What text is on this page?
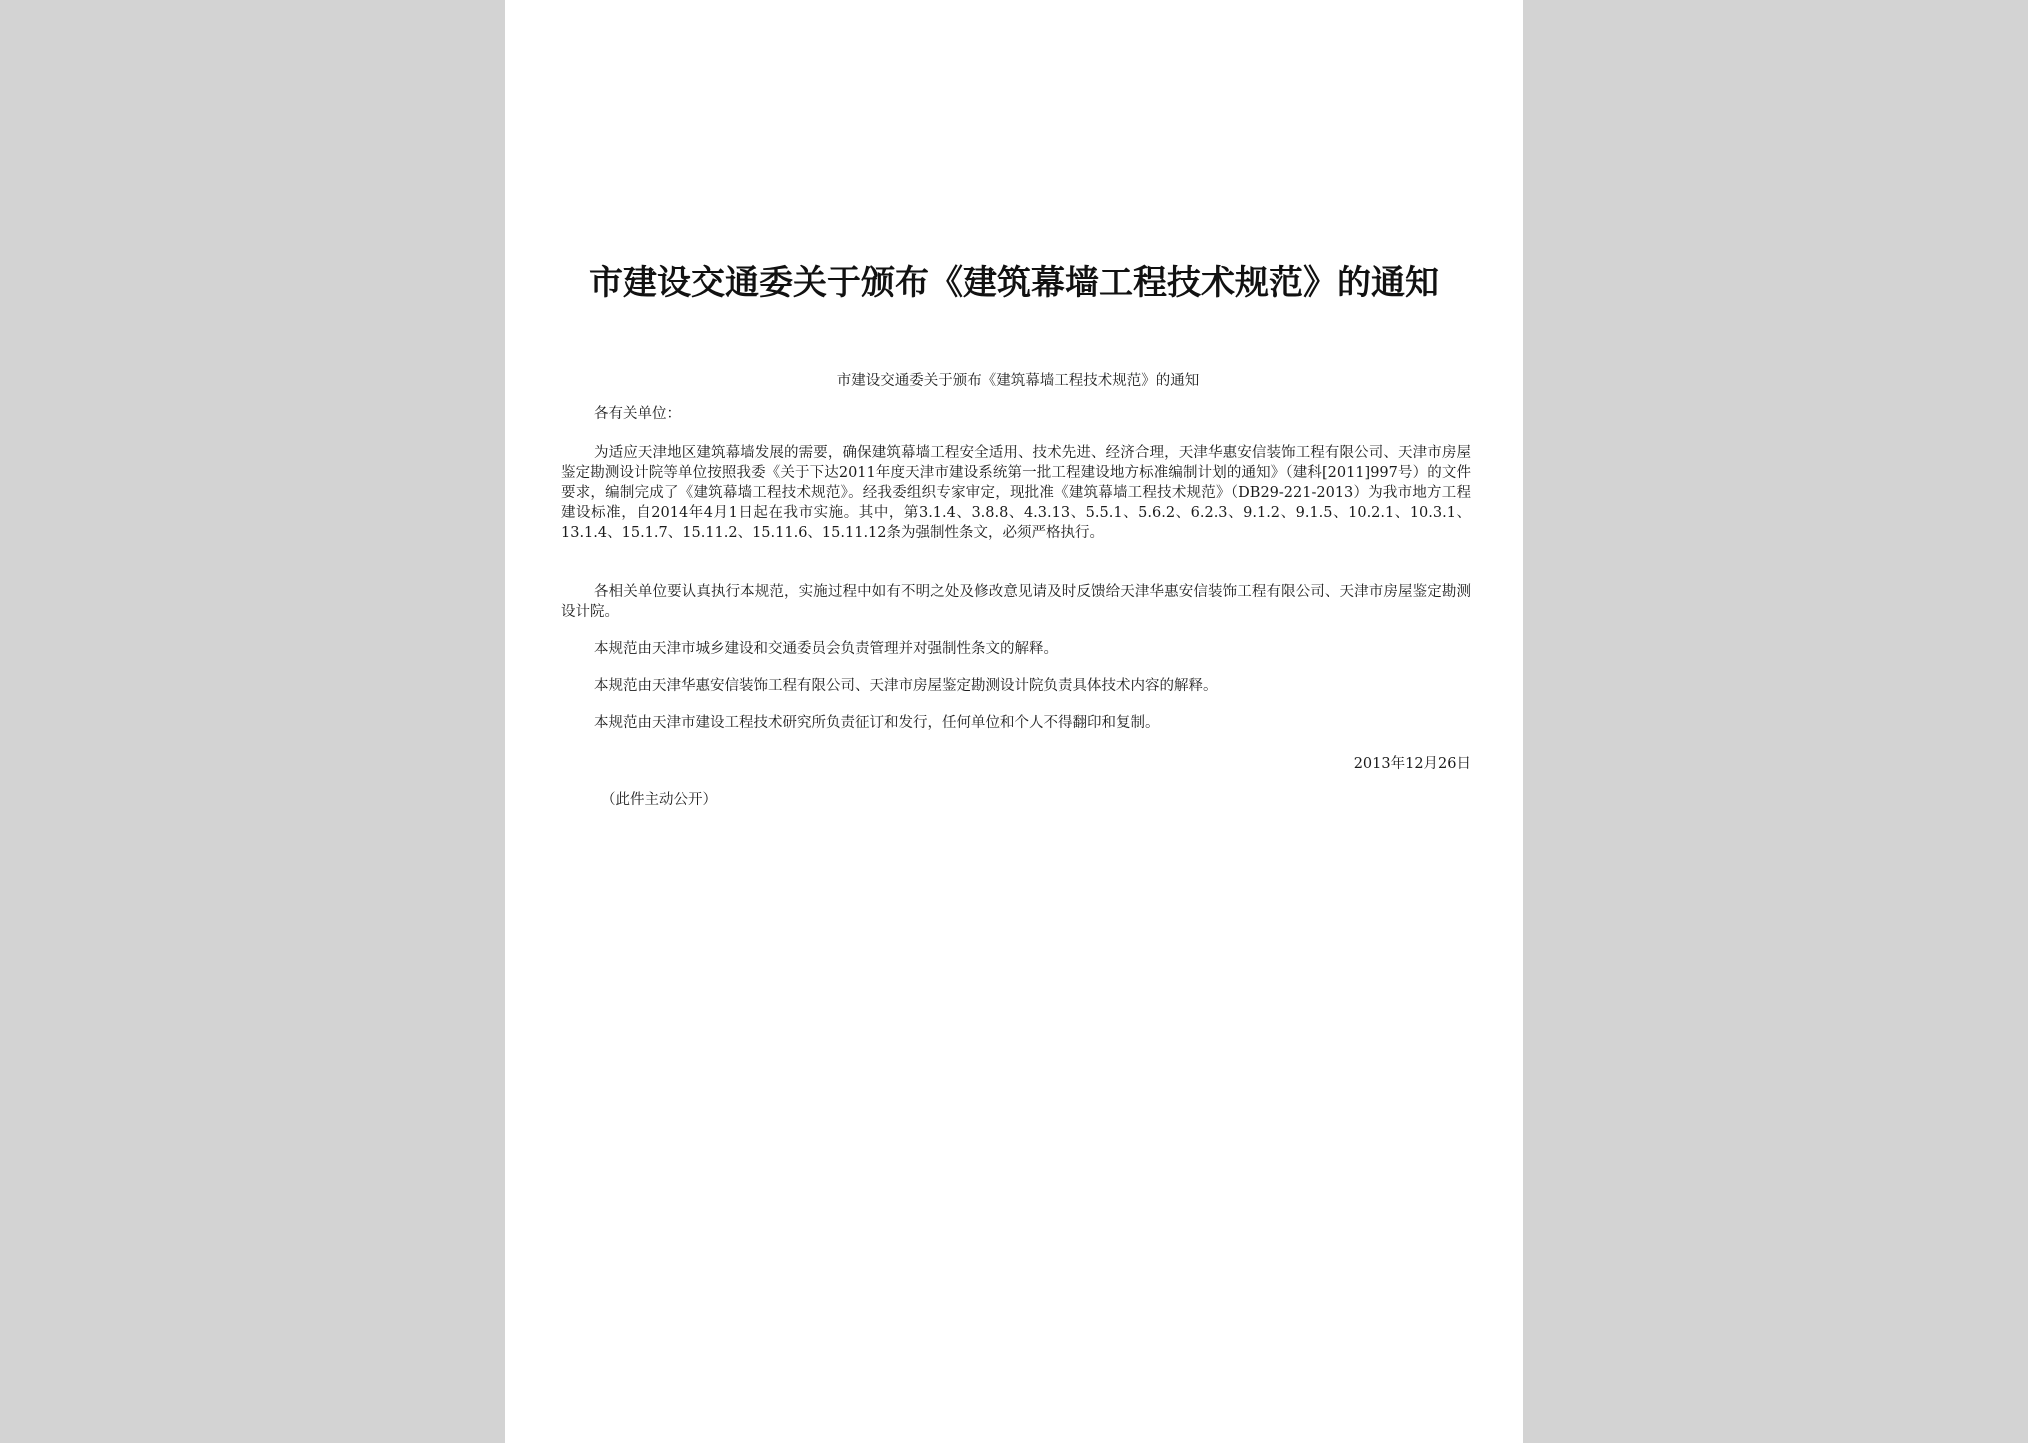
市建设交通委关于颁布《建筑幕墙工程技术规范》的通知
市建设交通委关于颁布《建筑幕墙工程技术规范》的通知

各有关单位：

为适应天津地区建筑幕墙发展的需要，确保建筑幕墙工程安全适用、技术先进、经济合理，天津华惠安信装饰工程有限公司、天津市房屋鉴定勘测设计院等单位按照我委《关于下达2011年度天津市建设系统第一批工程建设地方标准编制计划的通知》（建科[2011]997号）的文件要求，编制完成了《建筑幕墙工程技术规范》。经我委组织专家审定，现批准《建筑幕墙工程技术规范》（DB29-221-2013）为我市地方工程建设标准，自2014年4月1日起在我市实施。其中，第3.1.4、3.8.8、4.3.13、5.5.1、5.6.2、6.2.3、9.1.2、9.1.5、10.2.1、10.3.1、13.1.4、15.1.7、15.11.2、15.11.6、15.11.12条为强制性条文，必须严格执行。

各相关单位要认真执行本规范，实施过程中如有不明之处及修改意见请及时反馈给天津华惠安信装饰工程有限公司、天津市房屋鉴定勘测设计院。

本规范由天津市城乡建设和交通委员会负责管理并对强制性条文的解释。

本规范由天津华惠安信装饰工程有限公司、天津市房屋鉴定勘测设计院负责具体技术内容的解释。

本规范由天津市建设工程技术研究所负责征订和发行，任何单位和个人不得翻印和复制。

2013年12月26日
（此件主动公开）
